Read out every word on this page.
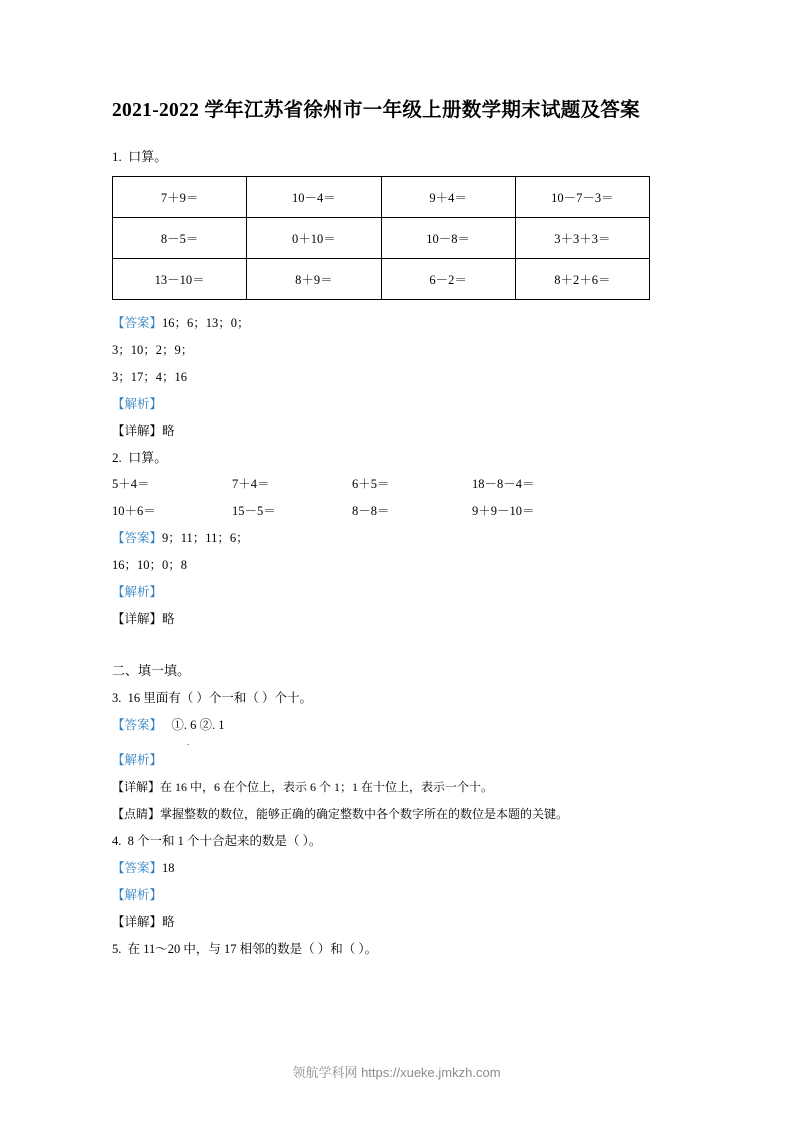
2021-2022 学年江苏省徐州市一年级上册数学期末试题及答案

1. 口算。

7＋9＝	10－4＝	9＋4＝	10－7－3＝
8－5＝	0＋10＝	10－8＝	3＋3＋3＝
13－10＝	8＋9＝	6－2＝	8＋2＋6＝

【答案】16；6；13；0；

3；10；2；9；

3；17；4；16

【解析】

【详解】略

2. 口算。

5＋4＝	7＋4＝	6＋5＝	18－8－4＝

10＋6＝	15－5＝	8－8＝	9＋9－10＝

【答案】9；11；11；6；

16；10；0；8

【解析】

【详解】略

二、填一填。

3. 16 里面有（ ）个一和（ ）个十。

【答案】 ①. 6 ②. 1

.

【解析】

【详解】在 16 中，6 在个位上，表示 6 个 1；1 在十位上，表示一个十。

【点睛】掌握整数的数位，能够正确的确定整数中各个数字所在的数位是本题的关键。

4. 8 个一和 1 个十合起来的数是（ ）。

【答案】18

【解析】

【详解】略

5. 在 11～20 中，与 17 相邻的数是（ ）和（ ）。

领航学科网 https://xueke.jmkzh.com
